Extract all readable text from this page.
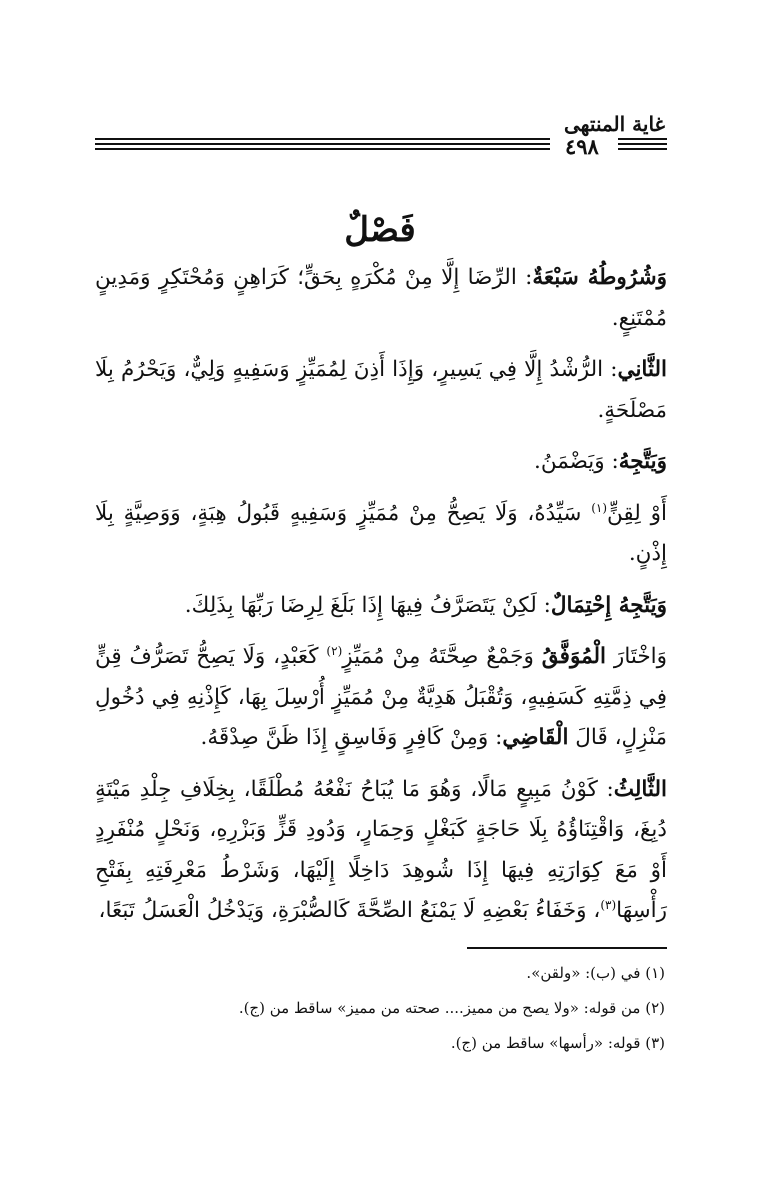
غاية المنتهى
٤٩٨
فَصْلٌ

وَشُرُوطُهُ سَبْعَةٌ: الرِّضَا إِلَّا مِنْ مُكْرَهٍ بِحَقٍّ؛ كَرَاهِنٍ وَمُحْتَكِرٍ وَمَدِينٍ مُمْتَنِعٍ.

الثَّانِي: الرُّشْدُ إِلَّا فِي يَسِيرٍ، وَإِذَا أَذِنَ لِمُمَيِّزٍ وَسَفِيهٍ وَلِيٌّ، وَيَحْرُمُ بِلَا مَصْلَحَةٍ.

وَيَتَّجِهُ: وَيَضْمَنُ.

أَوْ لِقِنٍّ$^{(١)}$ سَيِّدُهُ، وَلَا يَصِحُّ مِنْ مُمَيِّزٍ وَسَفِيهٍ قَبُولُ هِبَةٍ، وَوَصِيَّةٍ بِلَا إِذْنٍ.

وَيَتَّجِهُ إِحْتِمَالٌ: لَكِنْ يَتَصَرَّفُ فِيهَا إِذَا بَلَغَ لِرِضَا رَبِّهَا بِذَلِكَ.

وَاخْتَارَ الْمُوَفَّقُ وَجَمْعٌ صِحَّتَهُ مِنْ مُمَيِّزٍ$^{(٢)}$ كَعَبْدٍ، وَلَا يَصِحُّ تَصَرُّفُ قِنٍّ فِي ذِمَّتِهِ كَسَفِيهٍ، وَتُقْبَلُ هَدِيَّةٌ مِنْ مُمَيِّزٍ أُرْسِلَ بِهَا، كَإِذْنِهِ فِي دُخُولِ مَنْزِلٍ، قَالَ الْقَاضِي: وَمِنْ كَافِرٍ وَفَاسِقٍ إِذَا ظَنَّ صِدْقَهُ.

الثَّالِثُ: كَوْنُ مَبِيعٍ مَالًا، وَهُوَ مَا يُبَاحُ نَفْعُهُ مُطْلَقًا، بِخِلَافِ جِلْدِ مَيْتَةٍ دُبِغَ، وَاقْتِنَاؤُهُ بِلَا حَاجَةٍ كَبَغْلٍ وَحِمَارٍ، وَدُودِ قَزٍّ وَبَزْرِهِ، وَنَحْلٍ مُنْفَرِدٍ أَوْ مَعَ كِوَارَتِهِ فِيهَا إِذَا شُوهِدَ دَاخِلًا إِلَيْهَا، وَشَرْطُ مَعْرِفَتِهِ بِفَتْحِ رَأْسِهَا$^{(٣)}$، وَخَفَاءُ بَعْضِهِ لَا يَمْنَعُ الصِّحَّةَ كَالصُّبْرَةِ، وَيَدْخُلُ الْعَسَلُ تَبَعًا،

(١) في (ب): «ولقن».

(٢) من قوله: «ولا يصح من مميز.... صحته من مميز» ساقط من (ج).

(٣) قوله: «رأسها» ساقط من (ج).
